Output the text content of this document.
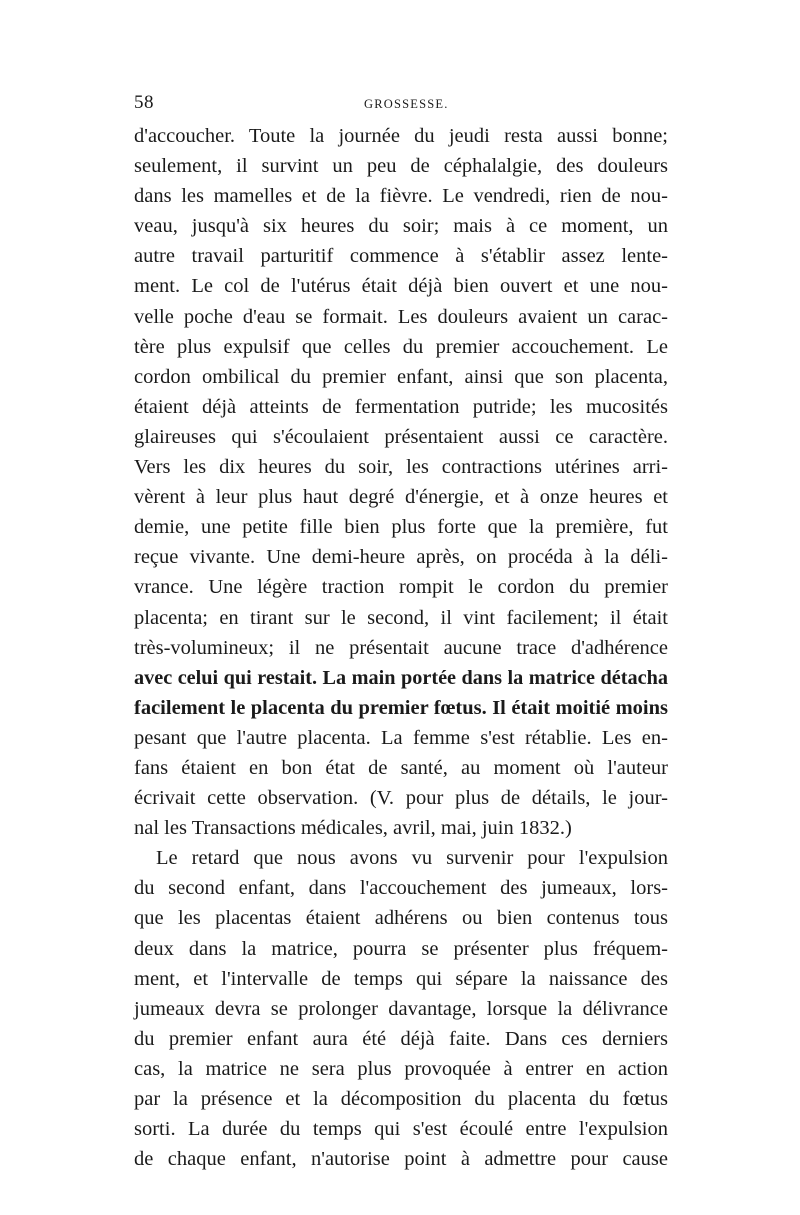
58	GROSSESSE.
d'accoucher. Toute la journée du jeudi resta aussi bonne;
seulement, il survint un peu de céphalalgie, des douleurs
dans les mamelles et de la fièvre. Le vendredi, rien de nou-
veau, jusqu'à six heures du soir; mais à ce moment, un
autre travail parturitif commence à s'établir assez lente-
ment. Le col de l'utérus était déjà bien ouvert et une nou-
velle poche d'eau se formait. Les douleurs avaient un carac-
tère plus expulsif que celles du premier accouchement. Le
cordon ombilical du premier enfant, ainsi que son placenta,
étaient déjà atteints de fermentation putride; les mucosités
glaireuses qui s'écoulaient présentaient aussi ce caractère.
Vers les dix heures du soir, les contractions utérines arri-
vèrent à leur plus haut degré d'énergie, et à onze heures et
demie, une petite fille bien plus forte que la première, fut
reçue vivante. Une demi-heure après, on procéda à la déli-
vrance. Une légère traction rompit le cordon du premier
placenta; en tirant sur le second, il vint facilement; il était
très-volumineux; il ne présentait aucune trace d'adhérence
avec celui qui restait. La main portée dans la matrice détacha
facilement le placenta du premier fœtus. Il était moitié moins
pesant que l'autre placenta. La femme s'est rétablie. Les en-
fans étaient en bon état de santé, au moment où l'auteur
écrivait cette observation. (V. pour plus de détails, le jour-
nal les Transactions médicales, avril, mai, juin 1832.)
Le retard que nous avons vu survenir pour l'expulsion
du second enfant, dans l'accouchement des jumeaux, lors-
que les placentas étaient adhérens ou bien contenus tous
deux dans la matrice, pourra se présenter plus fréquem-
ment, et l'intervalle de temps qui sépare la naissance des
jumeaux devra se prolonger davantage, lorsque la délivrance
du premier enfant aura été déjà faite. Dans ces derniers
cas, la matrice ne sera plus provoquée à entrer en action
par la présence et la décomposition du placenta du fœtus
sorti. La durée du temps qui s'est écoulé entre l'expulsion
de chaque enfant, n'autorise point à admettre pour cause
